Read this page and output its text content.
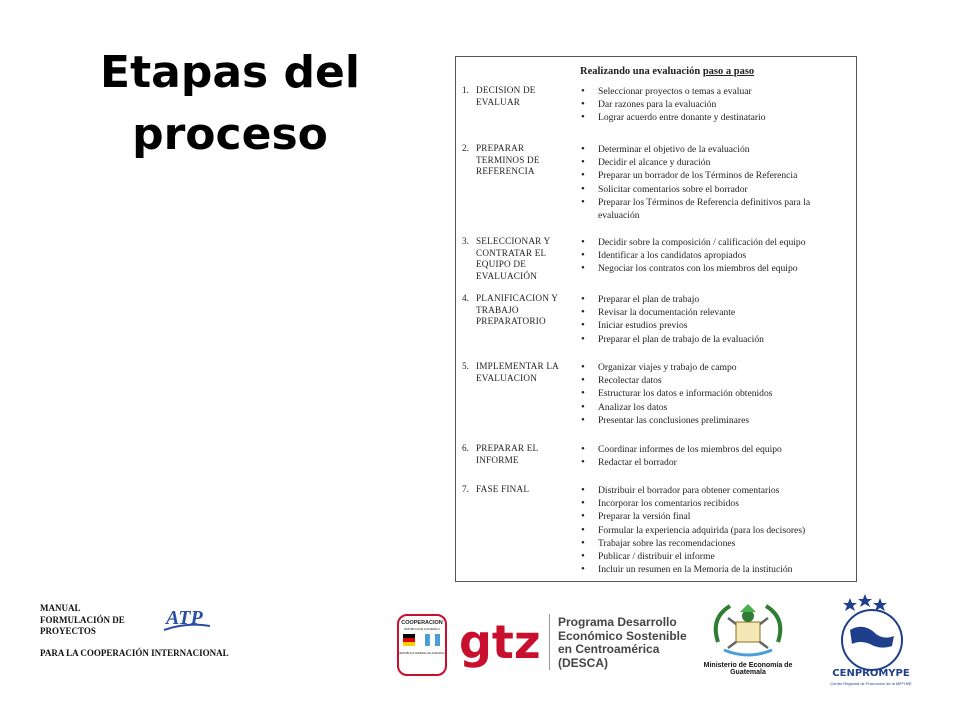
Etapas del
proceso
Realizando una evaluación paso a paso
1. DECISION DE EVALUAR
• Seleccionar proyectos o temas a evaluar
• Dar razones para la evaluación
• Lograr acuerdo entre donante y destinatario
2. PREPARAR TERMINOS DE REFERENCIA
• Determinar el objetivo de la evaluación
• Decidir el alcance y duración
• Preparar un borrador de los Términos de Referencia
• Solicitar comentarios sobre el borrador
• Preparar los Términos de Referencia definitivos para la evaluación
3. SELECCIONAR Y CONTRATAR EL EQUIPO DE EVALUACIÓN
• Decidir sobre la composición / calificación del equipo
• Identificar a los candidatos apropiados
• Negociar los contratos con los miembros del equipo
4. PLANIFICACION Y TRABAJO PREPARATORIO
• Preparar el plan de trabajo
• Revisar la documentación relevante
• Iniciar estudios previos
• Preparar el plan de trabajo de la evaluación
5. IMPLEMENTAR LA EVALUACION
• Organizar viajes y trabajo de campo
• Recolectar datos
• Estructurar los datos e información obtenidos
• Analizar los datos
• Presentar las conclusiones preliminares
6. PREPARAR EL INFORME
• Coordinar informes de los miembros del equipo
• Redactar el borrador
7. FASE FINAL
•	Distribuir el borrador para obtener comentarios
• Incorporar los comentarios recibidos
• Preparar la versión final
• Formular la experiencia adquirida (para los decisores)
• Trabajar sobre las recomendaciones
• Publicar / distribuir el informe
• Incluir un resumen en la Memoria de la institución
MANUAL
FORMULACIÓN DE
PROYECTOS
PARA LA COOPERACIÓN INTERNACIONAL
ATP	COOPERACION
REPUBLICA DE GUATEMALA
REPUBLICA FEDERAL DE ALEMANIA gtz Programa Desarrollo
Económico Sostenible
en Centroamérica
(DESCA)	Ministerio de Economía de Guatemala	CENPROMYPE
Centro Regional de Promoción de la MIPYME
